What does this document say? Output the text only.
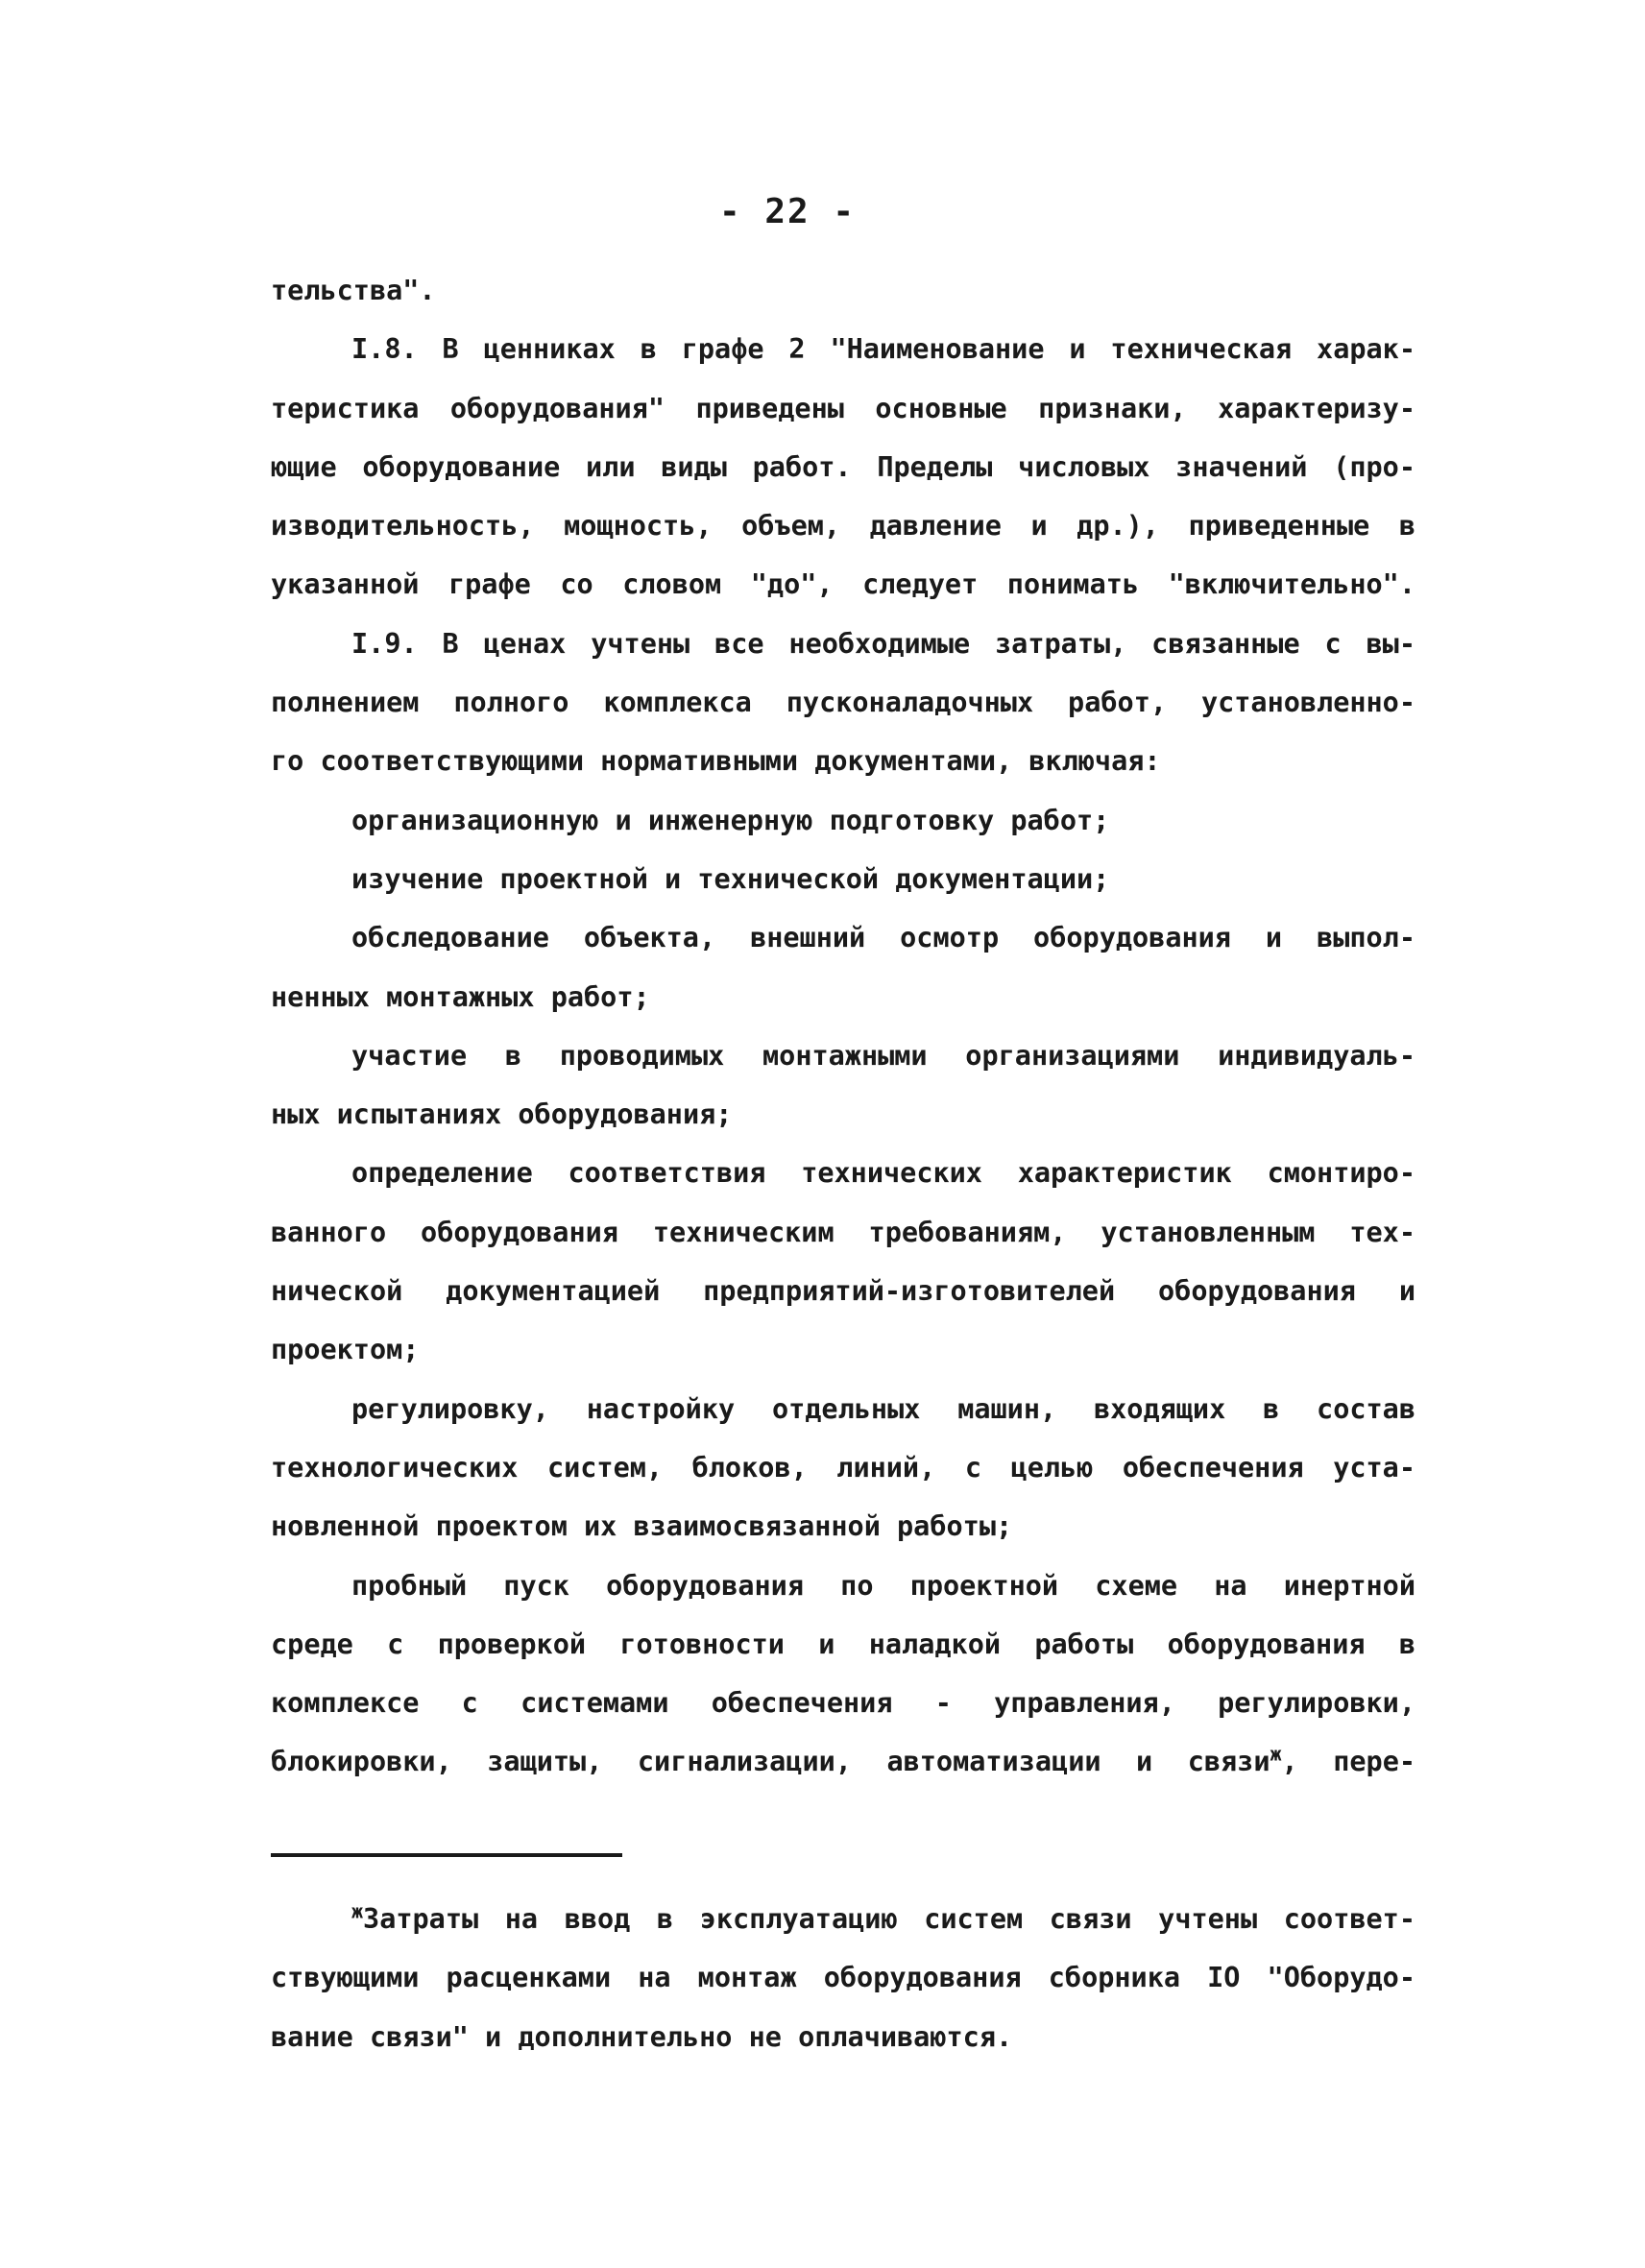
- 22 -
тельства".
I.8. В ценниках в графе 2 "Наименование и техническая харак-
теристика оборудования" приведены основные признаки, характеризу-
ющие оборудование или виды работ. Пределы числовых значений (про-
изводительность, мощность, объем, давление и др.), приведенные в
указанной графе со словом "до", следует понимать "включительно".
I.9. В ценах учтены все необходимые затраты, связанные с вы-
полнением полного комплекса пусконаладочных работ, установленно-
го соответствующими нормативными документами, включая:
организационную и инженерную подготовку работ;
изучение проектной и технической документации;
обследование объекта, внешний осмотр оборудования и выпол-
ненных монтажных работ;
участие в проводимых монтажными организациями индивидуаль-
ных испытаниях оборудования;
определение соответствия технических характеристик смонтиро-
ванного оборудования техническим требованиям, установленным тех-
нической документацией предприятий-изготовителей оборудования и
проектом;
регулировку, настройку отдельных машин, входящих в состав
технологических систем, блоков, линий, с целью обеспечения уста-
новленной проектом их взаимосвязанной работы;
пробный пуск оборудования по проектной схеме на инертной
среде с проверкой готовности и наладкой работы оборудования в
комплексе с системами обеспечения - управления, регулировки,
блокировки, защиты, сигнализации, автоматизации и связи$^ж$, пере-
$^ж$Затраты на ввод в эксплуатацию систем связи учтены соответ-
ствующими расценками на монтаж оборудования сборника IO "Оборудо-
вание связи" и дополнительно не оплачиваются.
